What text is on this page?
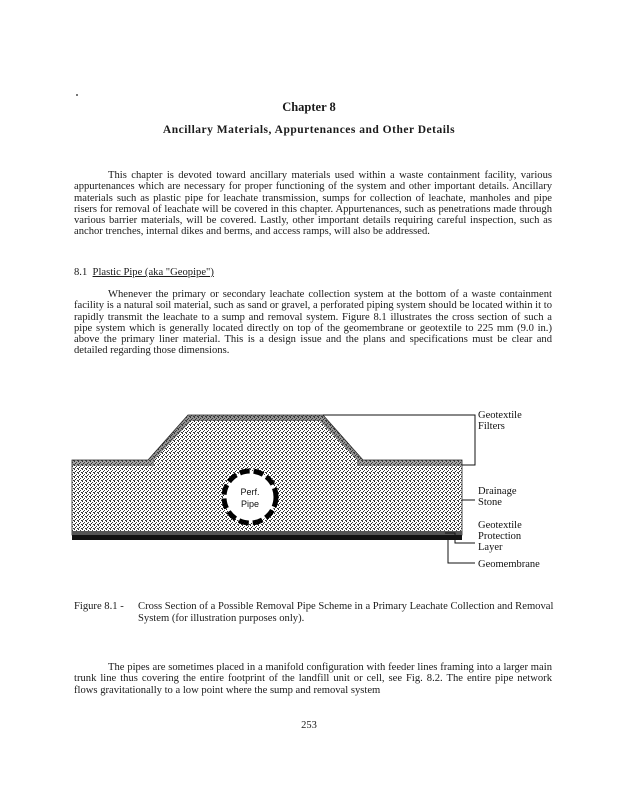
Chapter 8
Ancillary Materials, Appurtenances and Other Details

This chapter is devoted toward ancillary materials used within a waste containment facility, various appurtenances which are necessary for proper functioning of the system and other important details. Ancillary materials such as plastic pipe for leachate transmission, sumps for collection of leachate, manholes and pipe risers for removal of leachate will be covered in this chapter. Appurtenances, such as penetrations made through various barrier materials, will be covered. Lastly, other important details requiring careful inspection, such as anchor trenches, internal dikes and berms, and access ramps, will also be addressed.

8.1 Plastic Pipe (aka "Geopipe")

Whenever the primary or secondary leachate collection system at the bottom of a waste containment facility is a natural soil material, such as sand or gravel, a perforated piping system should be located within it to rapidly transmit the leachate to a sump and removal system. Figure 8.1 illustrates the cross section of such a pipe system which is generally located directly on top of the geomembrane or geotextile to 225 mm (9.0 in.) above the primary liner material. This is a design issue and the plans and specifications must be clear and detailed regarding those dimensions.

Perf.
Pipe
Geotextile
Filters
Drainage
Stone
Geotextile
Protection
Layer
Geomembrane
Figure 8.1 -	Cross Section of a Possible Removal Pipe Scheme in a Primary Leachate Collection and Removal System (for illustration purposes only).

The pipes are sometimes placed in a manifold configuration with feeder lines framing into a larger main trunk line thus covering the entire footprint of the landfill unit or cell, see Fig. 8.2. The entire pipe network flows gravitationally to a low point where the sump and removal system

253
